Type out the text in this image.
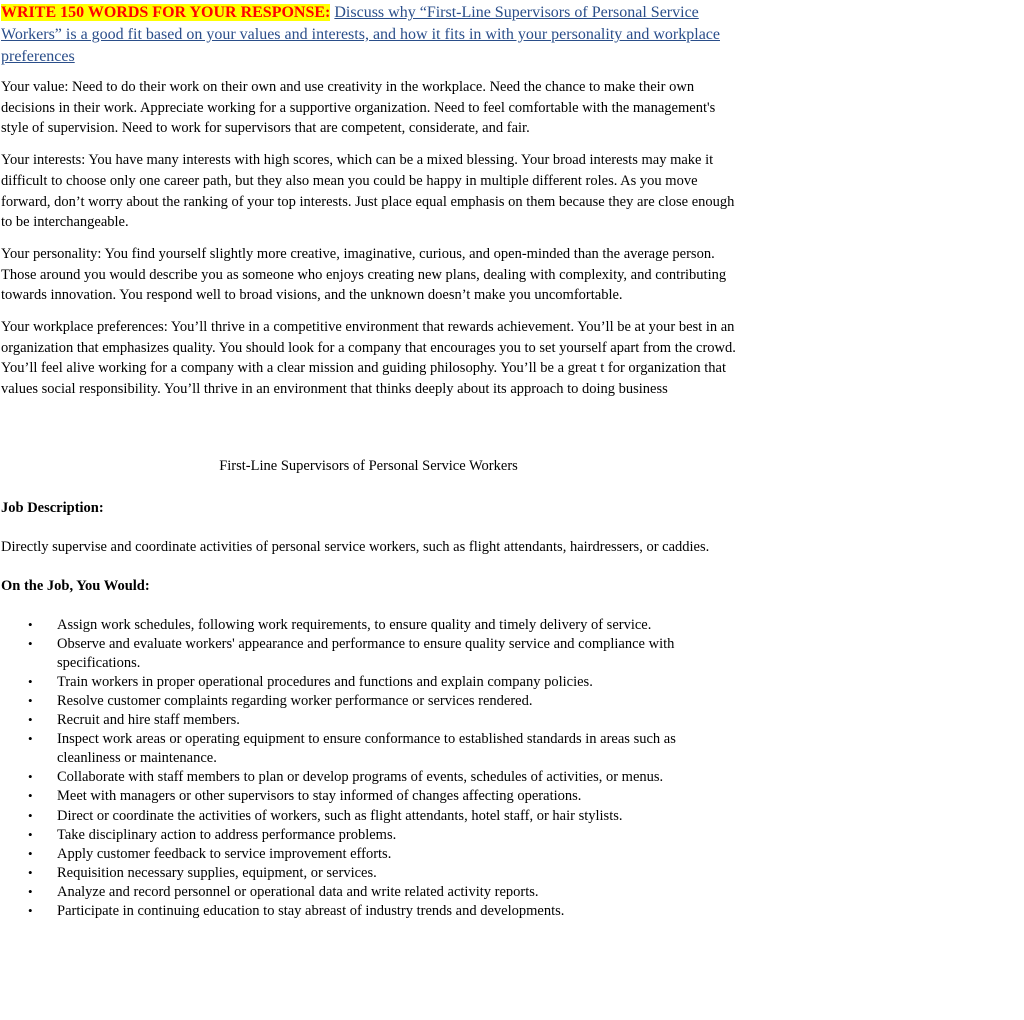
WRITE 150 WORDS FOR YOUR RESPONSE: Discuss why “First-Line Supervisors of Personal Service Workers” is a good fit based on your values and interests, and how it fits in with your personality and workplace preferences

Your value: Need to do their work on their own and use creativity in the workplace. Need the chance to make their own decisions in their work. Appreciate working for a supportive organization. Need to feel comfortable with the management's style of supervision. Need to work for supervisors that are competent, considerate, and fair.

Your interests: You have many interests with high scores, which can be a mixed blessing. Your broad interests may make it difficult to choose only one career path, but they also mean you could be happy in multiple different roles. As you move forward, don’t worry about the ranking of your top interests. Just place equal emphasis on them because they are close enough to be interchangeable.

Your personality: You find yourself slightly more creative, imaginative, curious, and open-minded than the average person. Those around you would describe you as someone who enjoys creating new plans, dealing with complexity, and contributing towards innovation. You respond well to broad visions, and the unknown doesn’t make you uncomfortable.

Your workplace preferences: You’ll thrive in a competitive environment that rewards achievement. You’ll be at your best in an organization that emphasizes quality. You should look for a company that encourages you to set yourself apart from the crowd. You’ll feel alive working for a company with a clear mission and guiding philosophy. You’ll be a great t for organization that values social responsibility. You’ll thrive in an environment that thinks deeply about its approach to doing business

First-Line Supervisors of Personal Service Workers

Job Description:

Directly supervise and coordinate activities of personal service workers, such as flight attendants, hairdressers, or caddies.

On the Job, You Would:

• Assign work schedules, following work requirements, to ensure quality and timely delivery of service.
• Observe and evaluate workers' appearance and performance to ensure quality service and compliance with specifications.
• Train workers in proper operational procedures and functions and explain company policies.
• Resolve customer complaints regarding worker performance or services rendered.
• Recruit and hire staff members.
• Inspect work areas or operating equipment to ensure conformance to established standards in areas such as cleanliness or maintenance.
• Collaborate with staff members to plan or develop programs of events, schedules of activities, or menus.
• Meet with managers or other supervisors to stay informed of changes affecting operations.
• Direct or coordinate the activities of workers, such as flight attendants, hotel staff, or hair stylists.
• Take disciplinary action to address performance problems.
• Apply customer feedback to service improvement efforts.
• Requisition necessary supplies, equipment, or services.
• Analyze and record personnel or operational data and write related activity reports.
• Participate in continuing education to stay abreast of industry trends and developments.
